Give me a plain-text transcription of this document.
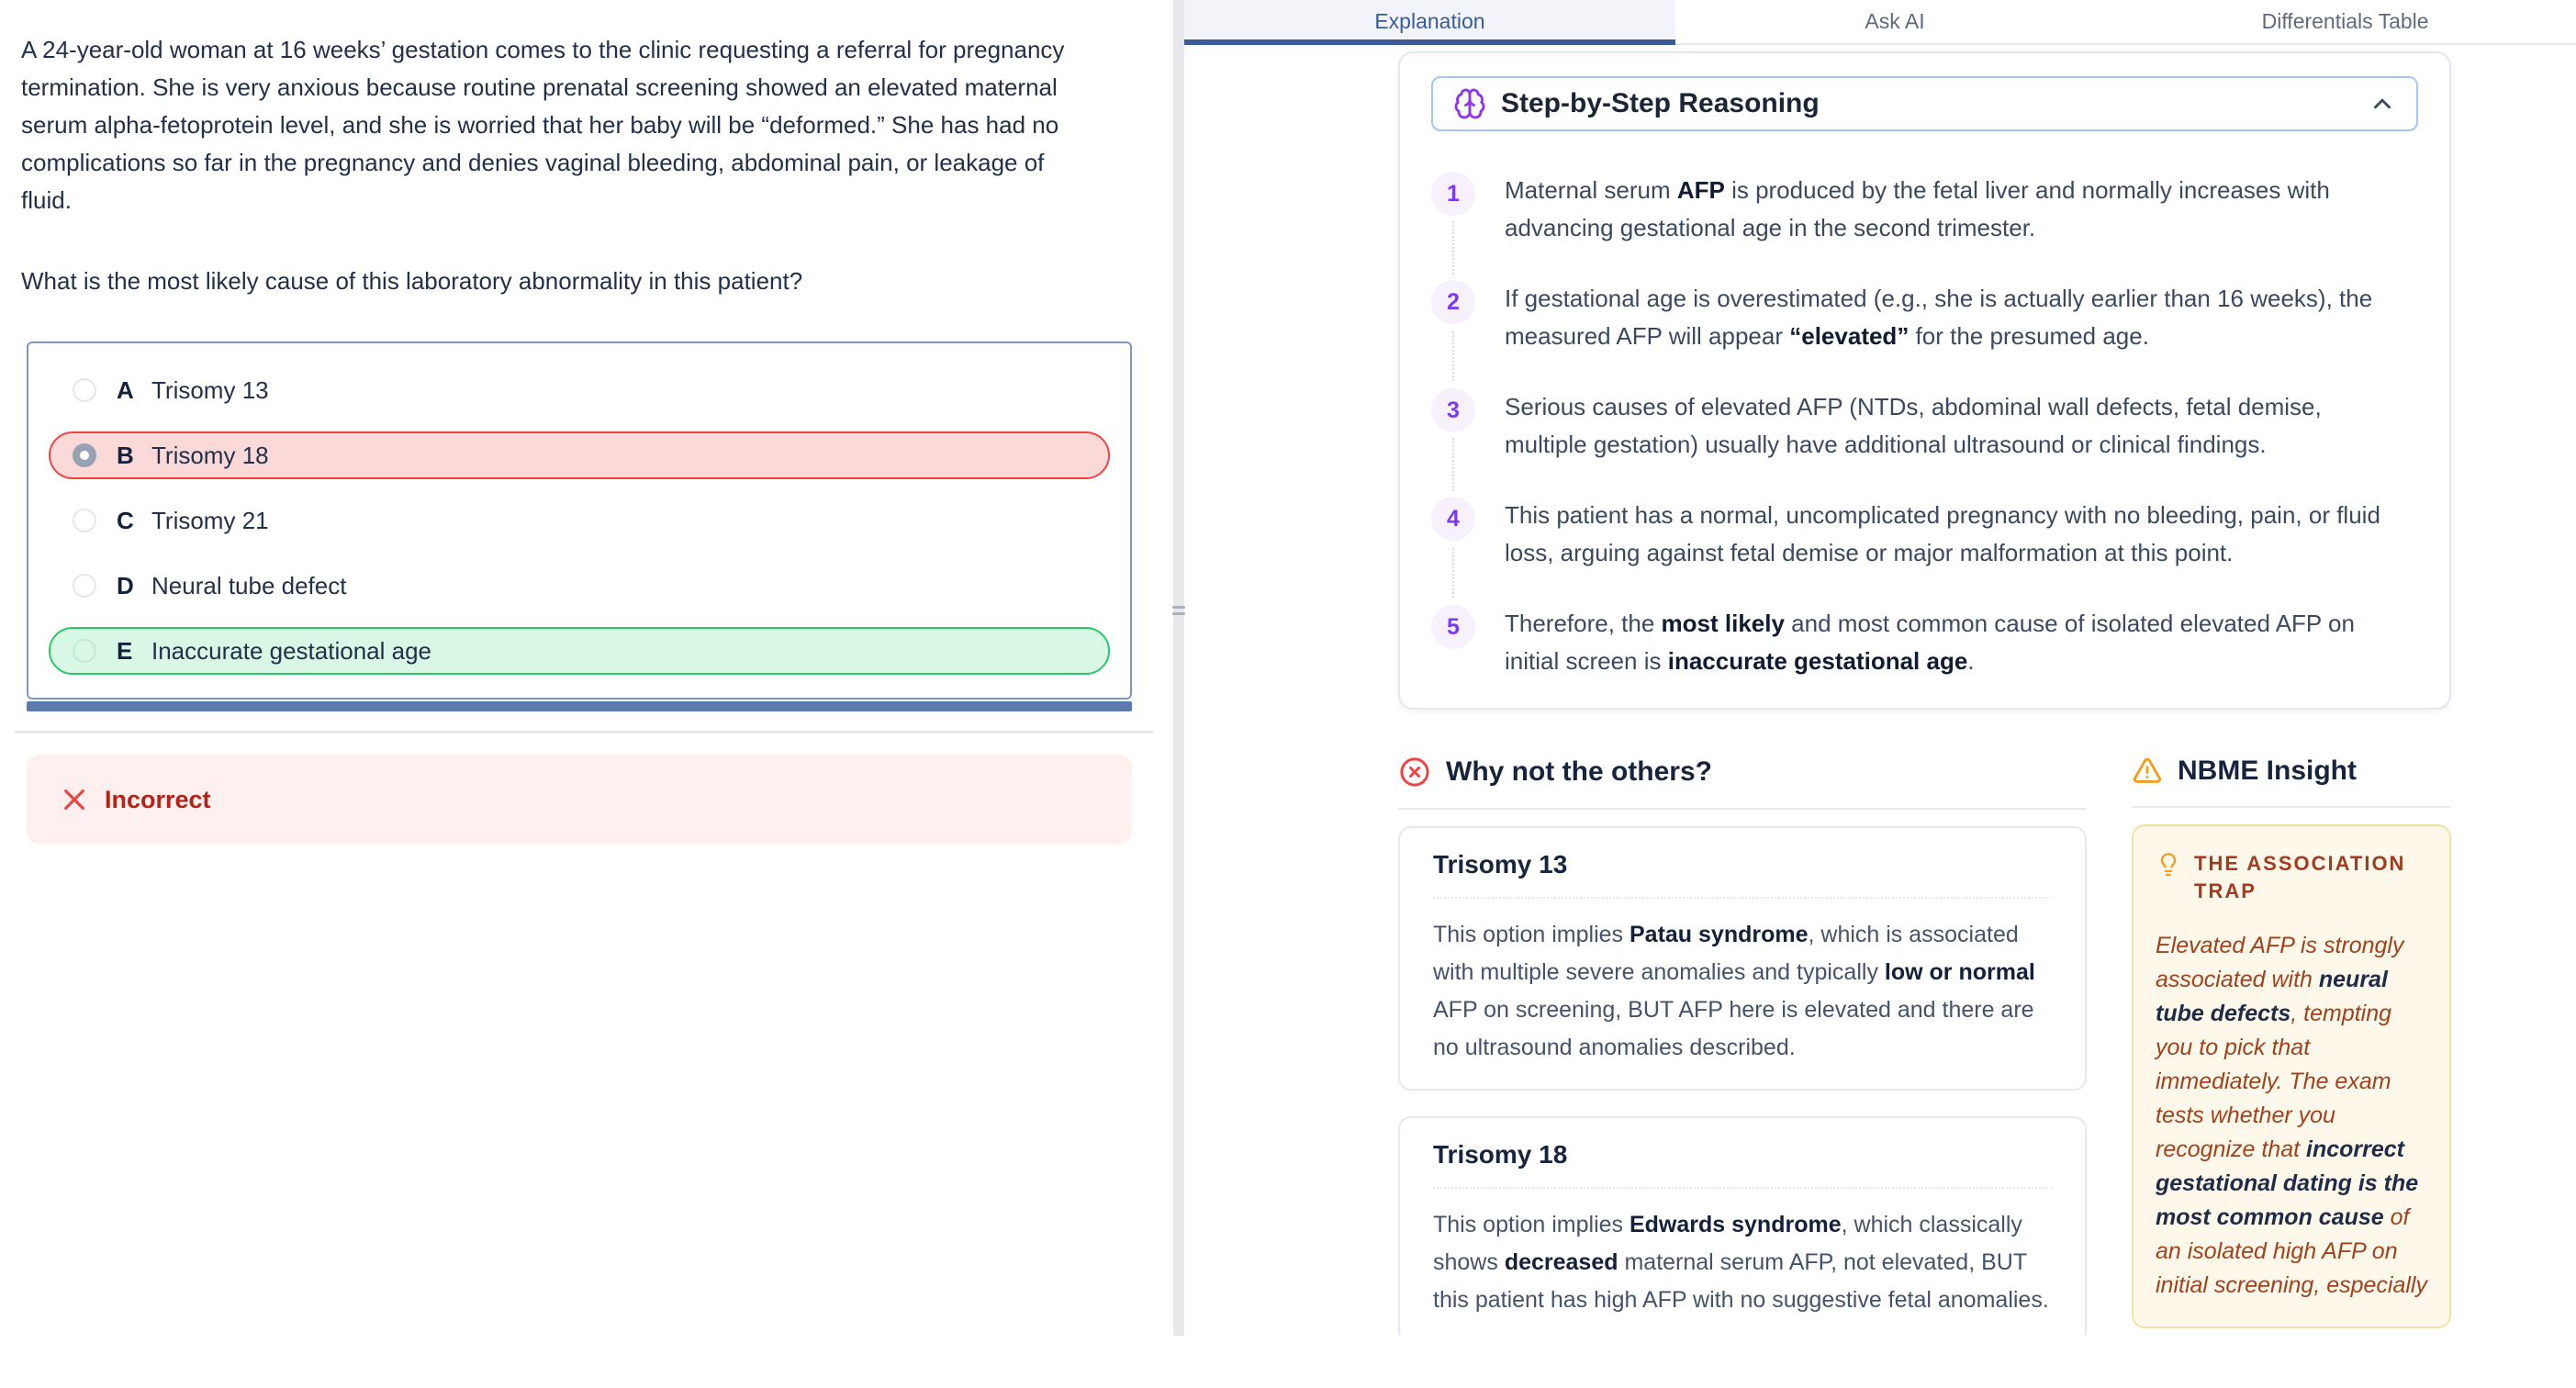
A 24-year-old woman at 16 weeks’ gestation comes to the clinic requesting a referral for pregnancy termination. She is very anxious because routine prenatal screening showed an elevated maternal serum alpha-fetoprotein level, and she is worried that her baby will be “deformed.” She has had no complications so far in the pregnancy and denies vaginal bleeding, abdominal pain, or leakage of fluid.

What is the most likely cause of this laboratory abnormality in this patient?

A Trisomy 13
B Trisomy 18
C Trisomy 21
D Neural tube defect
E Inaccurate gestational age
Incorrect
Explanation	Ask AI	Differentials Table
Step-by-Step Reasoning
1	Maternal serum AFP is produced by the fetal liver and normally increases with advancing gestational age in the second trimester.

2	If gestational age is overestimated (e.g., she is actually earlier than 16 weeks), the measured AFP will appear “elevated” for the presumed age.

3	Serious causes of elevated AFP (NTDs, abdominal wall defects, fetal demise, multiple gestation) usually have additional ultrasound or clinical findings.

4	This patient has a normal, uncomplicated pregnancy with no bleeding, pain, or fluid loss, arguing against fetal demise or major malformation at this point.

5	Therefore, the most likely and most common cause of isolated elevated AFP on initial screen is inaccurate gestational age.

Why not the others?
Trisomy 13

This option implies Patau syndrome, which is associated with multiple severe anomalies and typically low or normal AFP on screening, BUT AFP here is elevated and there are no ultrasound anomalies described.

Trisomy 18

This option implies Edwards syndrome, which classically shows decreased maternal serum AFP, not elevated, BUT this patient has high AFP with no suggestive fetal anomalies.

NBME Insight
THE ASSOCIATION TRAP

Elevated AFP is strongly associated with neural tube defects, tempting you to pick that immediately. The exam tests whether you recognize that incorrect gestational dating is the most common cause of an isolated high AFP on initial screening, especially
